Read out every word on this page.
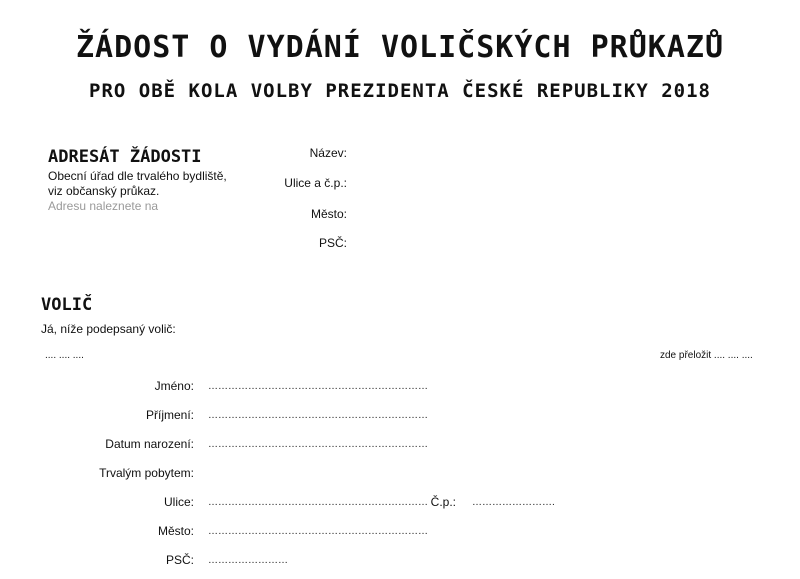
ŽÁDOST O VYDÁNÍ VOLIČSKÝCH PRŮKAZŮ
PRO OBĚ KOLA VOLBY PREZIDENTA ČESKÉ REPUBLIKY 2018
ADRESÁT ŽÁDOSTI
Obecní úřad dle trvalého bydliště,
viz občanský průkaz.
Adresu naleznete na
Název:
Ulice a č.p.:
Město:
PSČ:
VOLIČ
Já, níže podepsaný volič:
.... .... ....	zde přeložit .... .... ....
Jméno: …………………………………………………………
Příjmení: …………………………………………………………
Datum narození: …………………………………………………………
Trvalým pobytem:
Ulice: ………………………………………………………… Č.p.: …………………….
Město: …………………………………………………………
PSČ: ……………………
